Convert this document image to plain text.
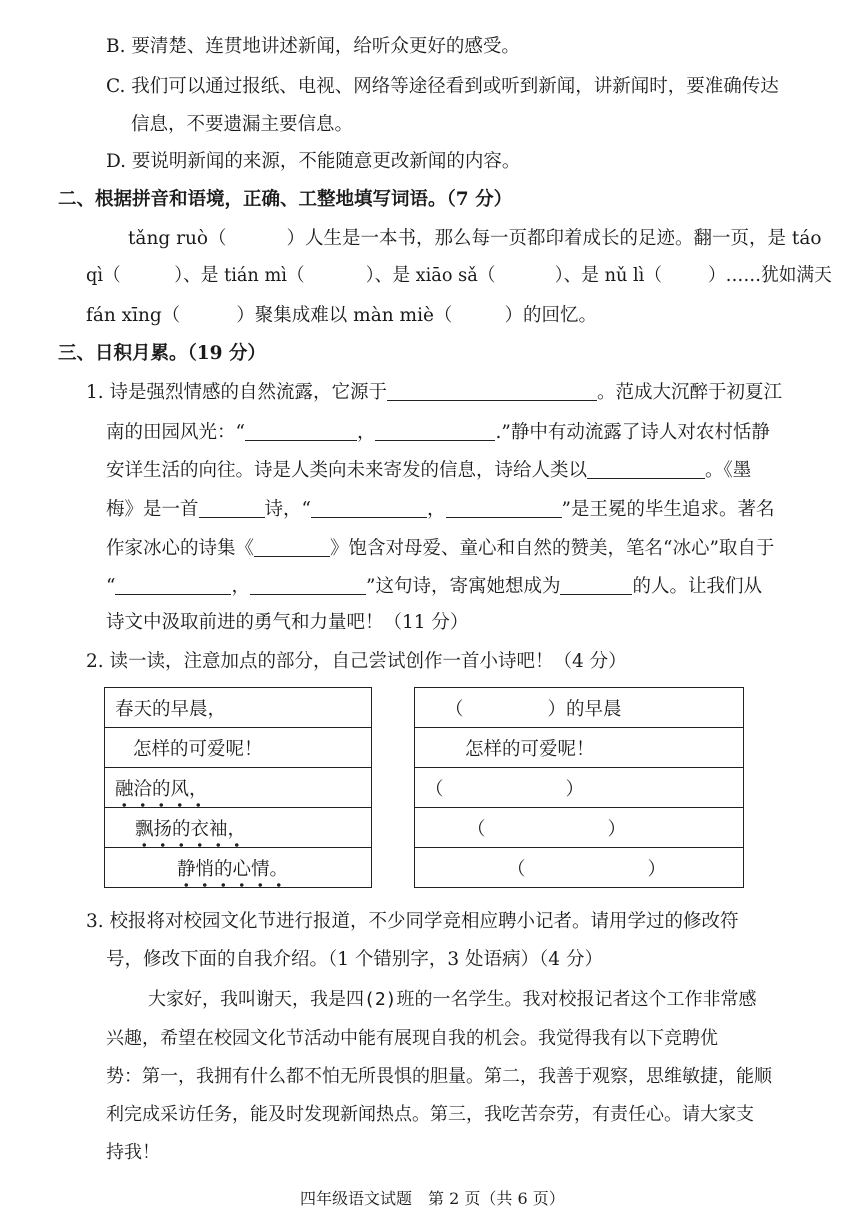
B. 要清楚、连贯地讲述新闻，给听众更好的感受。
C. 我们可以通过报纸、电视、网络等途径看到或听到新闻，讲新闻时，要准确传达
信息，不要遗漏主要信息。
D. 要说明新闻的来源，不能随意更改新闻的内容。
二、根据拼音和语境，正确、工整地填写词语。（7 分）
tǎng ruò（	）人生是一本书，那么每一页都印着成长的足迹。翻一页，是 táo
qì（	）、是 tián mì（	）、是 xiāo sǎ（	）、是 nǔ lì（ ）……犹如满天
fán xīng（	）聚集成难以 màn miè（	）的回忆。
三、日积月累。（19 分）
1. 诗是强烈情感的自然流露，它源于	。范成大沉醉于初夏江
南的田园风光：“	，	.”静中有动流露了诗人对农村恬静
安详生活的向往。诗是人类向未来寄发的信息，诗给人类以	。《墨
梅》是一首	诗，“	，	”是王冕的毕生追求。著名
作家冰心的诗集《	》饱含对母爱、童心和自然的赞美，笔名“冰心”取自于
“	，	”这句诗，寄寓她想成为	的人。让我们从
诗文中汲取前进的勇气和力量吧！（11 分）
2. 读一读，注意加点的部分，自己尝试创作一首小诗吧！（4 分）
春天的早晨，
怎样的可爱呢！
融洽的风，
飘扬的衣袖，
静悄的心情。
（	）的早晨
怎样的可爱呢！
（	）
（	）
（	）
3. 校报将对校园文化节进行报道，不少同学竞相应聘小记者。请用学过的修改符
号，修改下面的自我介绍。（1 个错别字，3 处语病）（4 分）
大家好，我叫谢天，我是四(2)班的一名学生。我对校报记者这个工作非常感
兴趣，希望在校园文化节活动中能有展现自我的机会。我觉得我有以下竞聘优
势：第一，我拥有什么都不怕无所畏惧的胆量。第二，我善于观察，思维敏捷，能顺
利完成采访任务，能及时发现新闻热点。第三，我吃苦奈劳，有责任心。请大家支
持我！
四年级语文试题　第 2 页（共 6 页）
